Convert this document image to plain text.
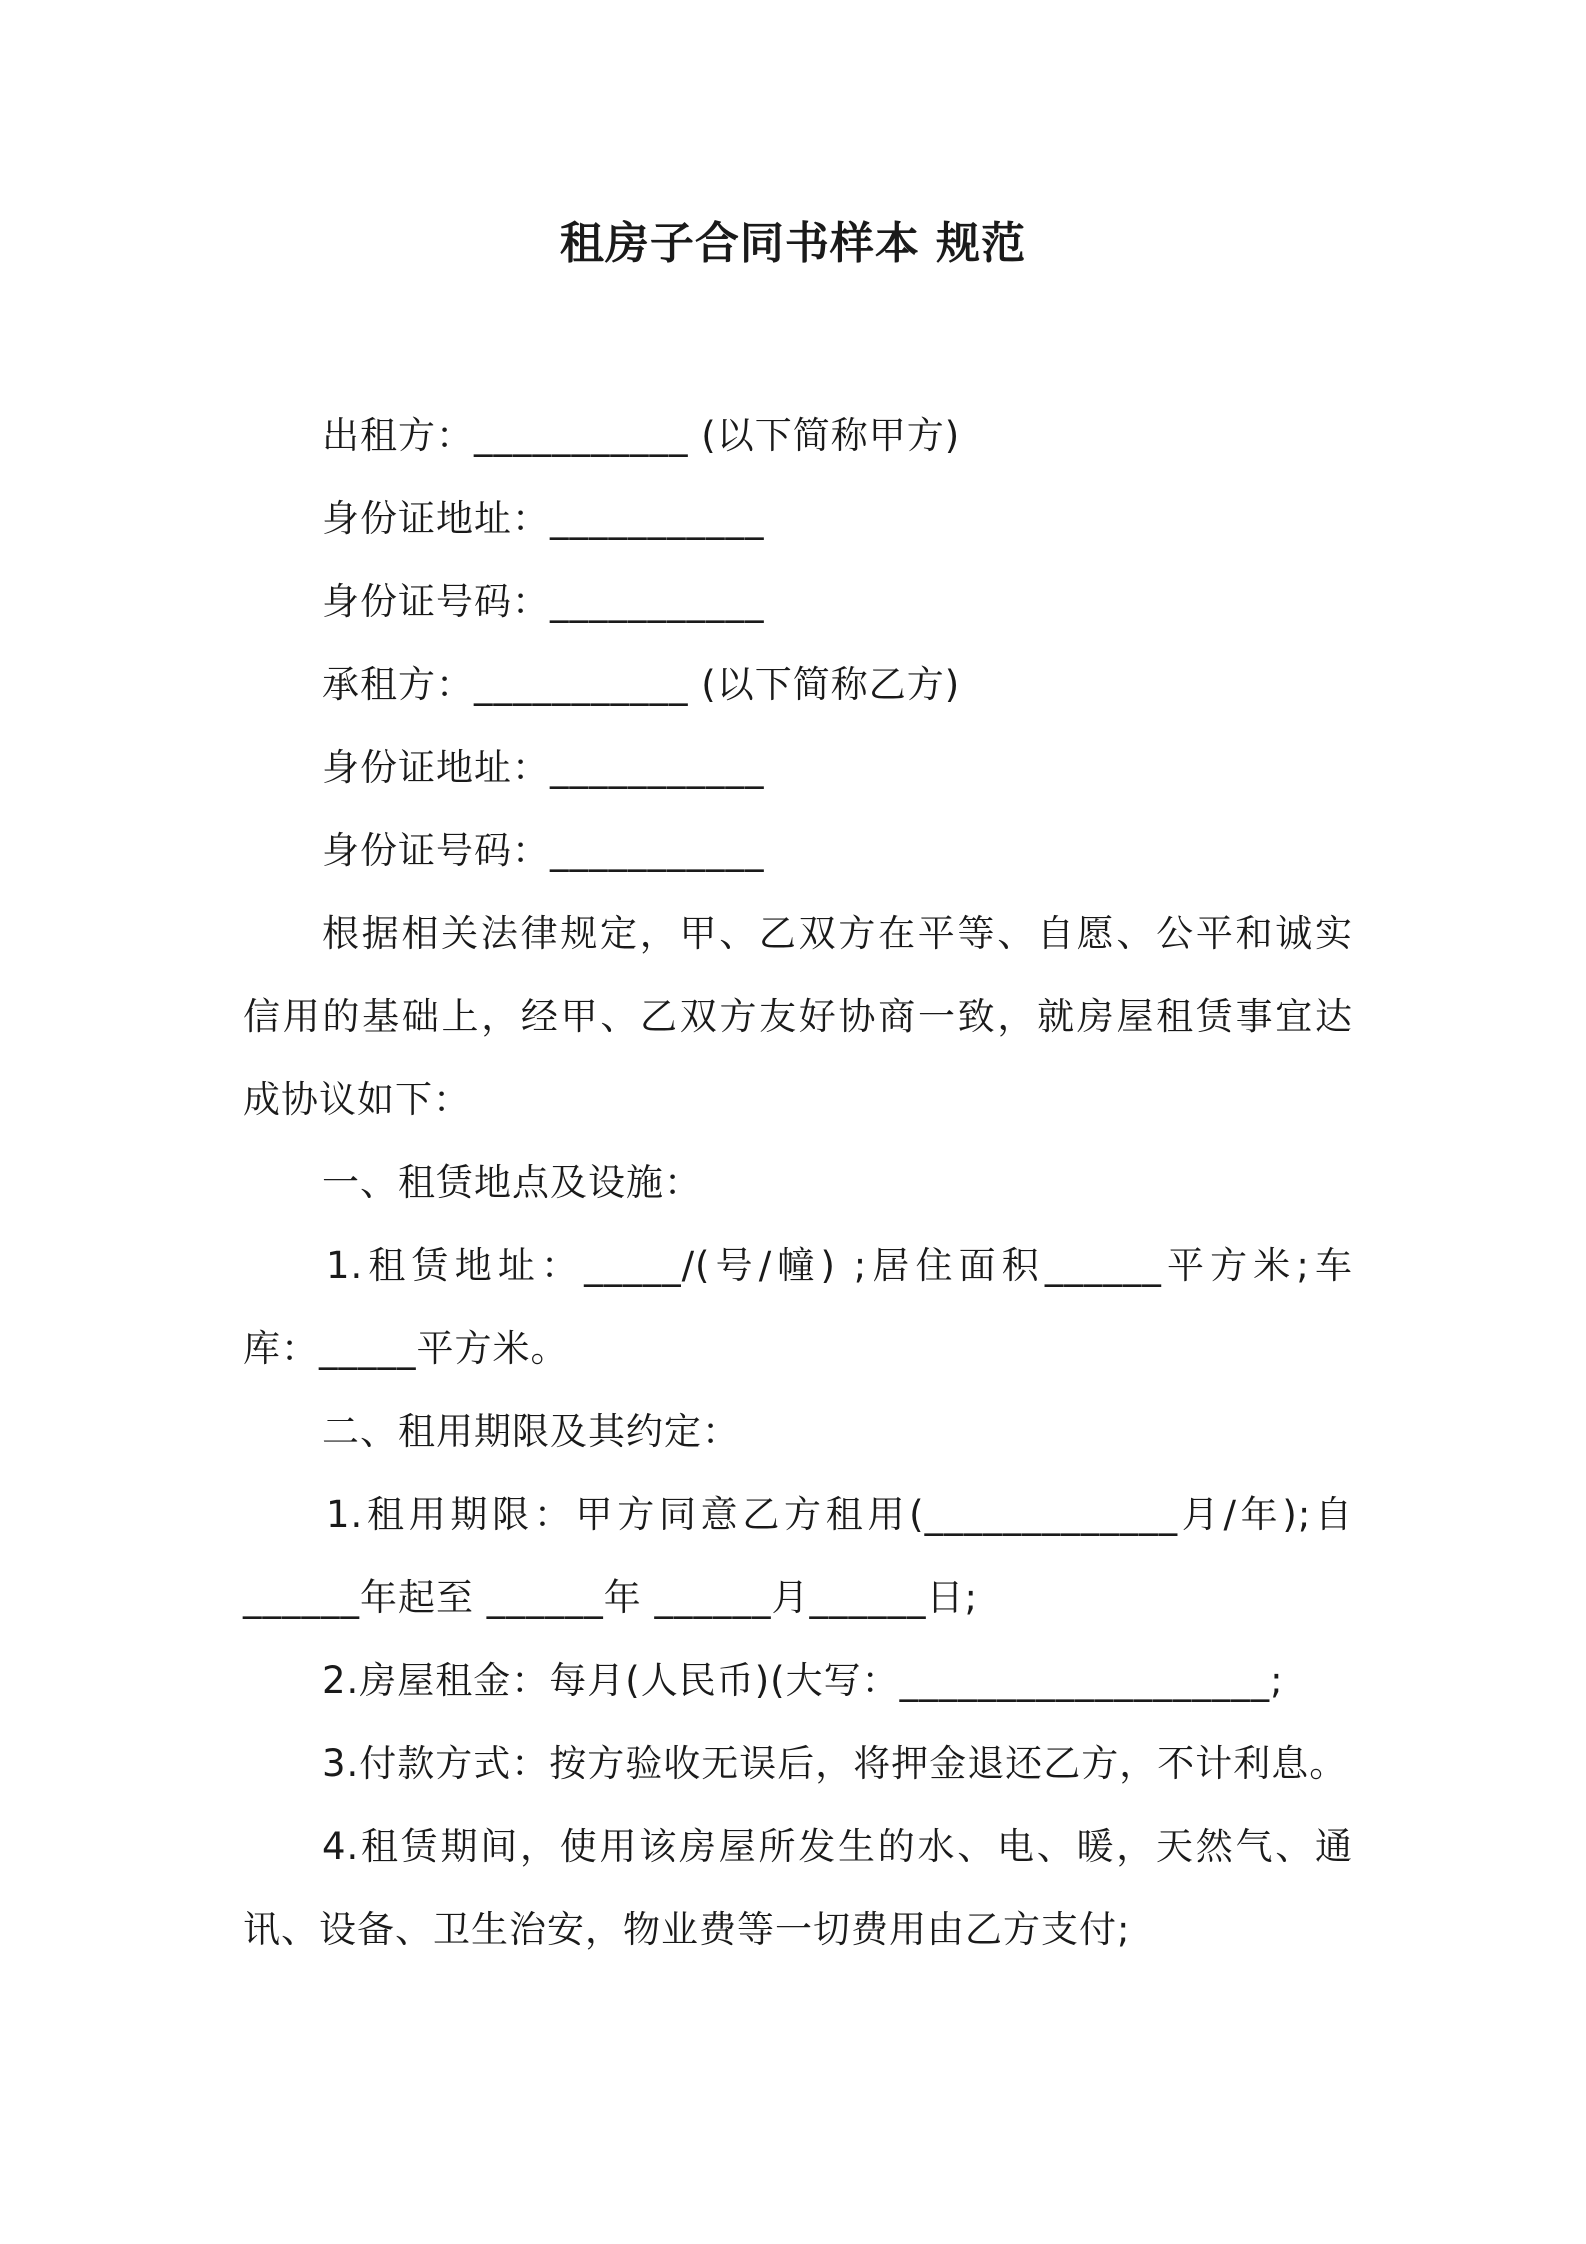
租房子合同书样本 规范
出租方：___________ (以下简称甲方)
身份证地址：___________
身份证号码：___________
承租方：___________ (以下简称乙方)
身份证地址：___________
身份证号码：___________
根据相关法律规定，甲、乙双方在平等、自愿、公平和诚实
信用的基础上，经甲、乙双方友好协商一致，就房屋租赁事宜达
成协议如下：
一、租赁地点及设施：
1.租赁地址：_____/(号/幢) ;居住面积______平方米;车
库：_____平方米。
二、租用期限及其约定：
1.租用期限：甲方同意乙方租用(_____________月/年);自
______年起至 ______年 ______月______日;
2.房屋租金：每月(人民币)(大写：___________________;
3.付款方式：按方验收无误后，将押金退还乙方，不计利息。
4.租赁期间，使用该房屋所发生的水、电、暖，天然气、通
讯、设备、卫生治安，物业费等一切费用由乙方支付;
